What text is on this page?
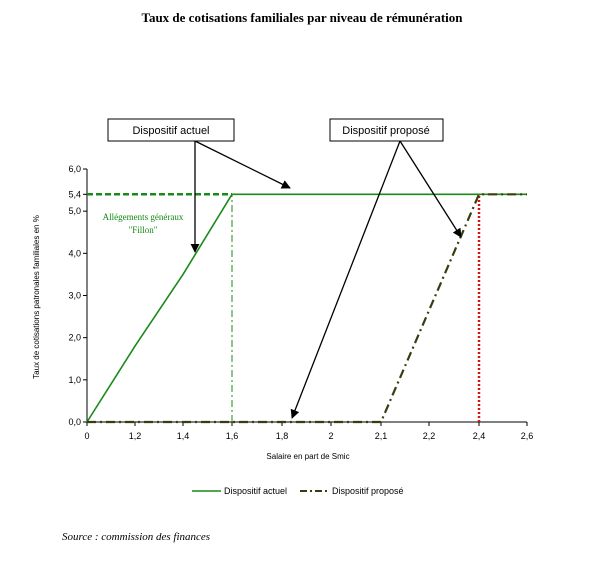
Taux de cotisations familiales par niveau de rémunération
Dispositif actuel	Dispositif proposé
0,0
1,0
2,0
3,0
4,0
5,0
5,4
6,0
0	1,2	1,4	1,6	1,8	2	2,1	2,2	2,4	2,6
Allégements généraux
"Fillon"
Salaire en part de Smic
Taux de cotisations patronales familiales en %
Dispositif actuel	Dispositif proposé
Source : commission des finances
